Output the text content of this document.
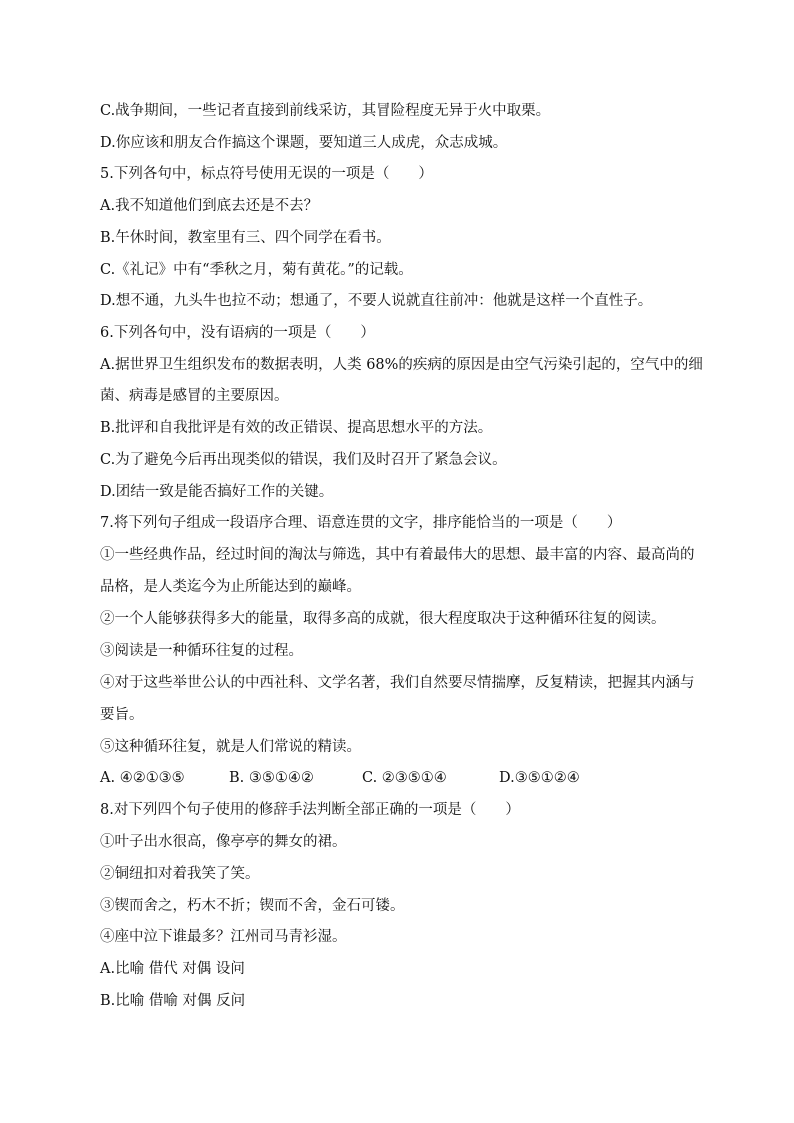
C.战争期间，一些记者直接到前线采访，其冒险程度无异于火中取栗。
D.你应该和朋友合作搞这个课题，要知道三人成虎，众志成城。
5.下列各句中，标点符号使用无误的一项是（　　）
A.我不知道他们到底去还是不去？
B.午休时间，教室里有三、四个同学在看书。
C.《礼记》中有“季秋之月，菊有黄花。”的记载。
D.想不通，九头牛也拉不动；想通了，不要人说就直往前冲：他就是这样一个直性子。
6.下列各句中，没有语病的一项是（　　）
A.据世界卫生组织发布的数据表明，人类 68%的疾病的原因是由空气污染引起的，空气中的细
菌、病毒是感冒的主要原因。
B.批评和自我批评是有效的改正错误、提高思想水平的方法。
C.为了避免今后再出现类似的错误，我们及时召开了紧急会议。
D.团结一致是能否搞好工作的关键。
7.将下列句子组成一段语序合理、语意连贯的文字，排序能恰当的一项是（　　）
①一些经典作品，经过时间的淘汰与筛选，其中有着最伟大的思想、最丰富的内容、最高尚的
品格，是人类迄今为止所能达到的巅峰。
②一个人能够获得多大的能量，取得多高的成就，很大程度取决于这种循环往复的阅读。
③阅读是一种循环往复的过程。
④对于这些举世公认的中西社科、文学名著，我们自然要尽情揣摩，反复精读，把握其内涵与
要旨。
⑤这种循环往复，就是人们常说的精读。
A. ④②①③⑤	B. ③⑤①④②	C. ②③⑤①④	D.③⑤①②④
8.对下列四个句子使用的修辞手法判断全部正确的一项是（　　）
①叶子出水很高，像亭亭的舞女的裙。
②铜纽扣对着我笑了笑。
③锲而舍之，朽木不折；锲而不舍，金石可镂。
④座中泣下谁最多？江州司马青衫湿。
A.比喻 借代 对偶 设问
B.比喻 借喻 对偶 反问
